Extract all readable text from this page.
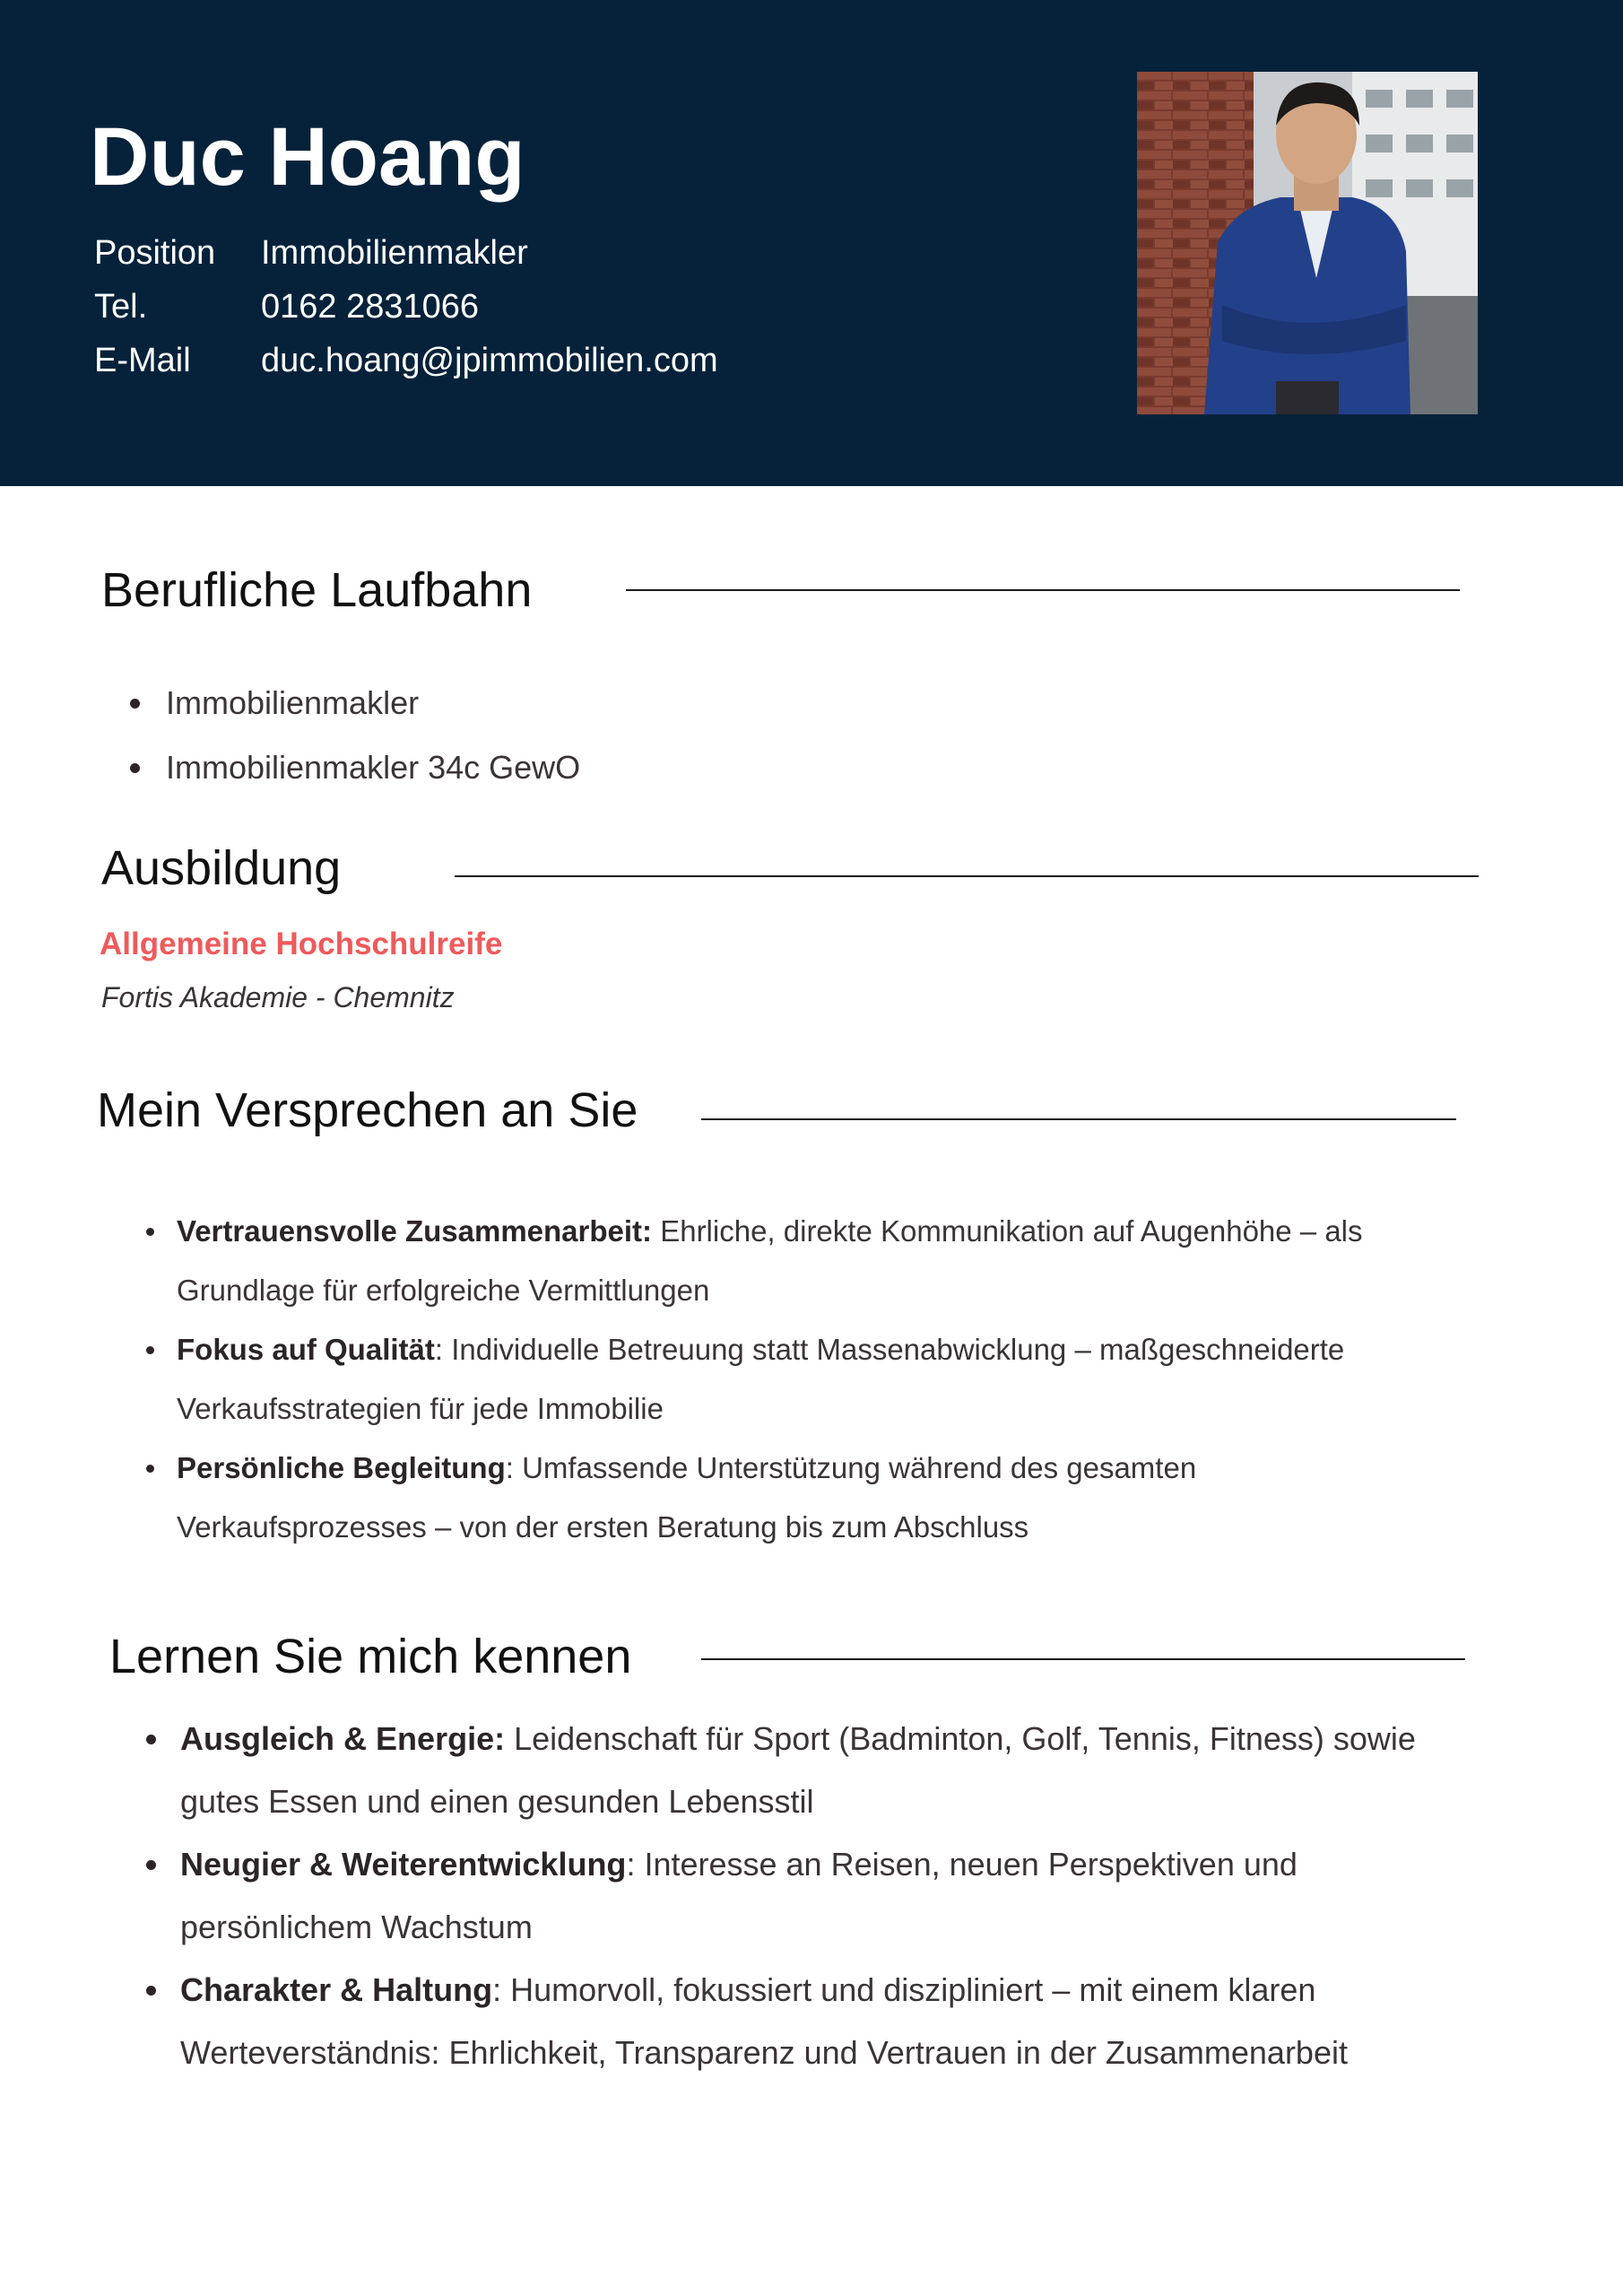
Duc Hoang
Position	Immobilienmakler
Tel.	0162 2831066
E-Mail	duc.hoang@jpimmobilien.com
Berufliche Laufbahn
Immobilienmakler
Immobilienmakler 34c GewO
Ausbildung

Allgemeine Hochschulreife

Fortis Akademie - Chemnitz

Mein Versprechen an Sie
Vertrauensvolle Zusammenarbeit: Ehrliche, direkte Kommunikation auf Augenhöhe – als Grundlage für erfolgreiche Vermittlungen
Fokus auf Qualität: Individuelle Betreuung statt Massenabwicklung – maßgeschneiderte Verkaufsstrategien für jede Immobilie
Persönliche Begleitung: Umfassende Unterstützung während des gesamten Verkaufsprozesses – von der ersten Beratung bis zum Abschluss
Lernen Sie mich kennen
Ausgleich & Energie: Leidenschaft für Sport (Badminton, Golf, Tennis, Fitness) sowie gutes Essen und einen gesunden Lebensstil
Neugier & Weiterentwicklung: Interesse an Reisen, neuen Perspektiven und persönlichem Wachstum
Charakter & Haltung: Humorvoll, fokussiert und diszipliniert – mit einem klaren Werteverständnis: Ehrlichkeit, Transparenz und Vertrauen in der Zusammenarbeit
